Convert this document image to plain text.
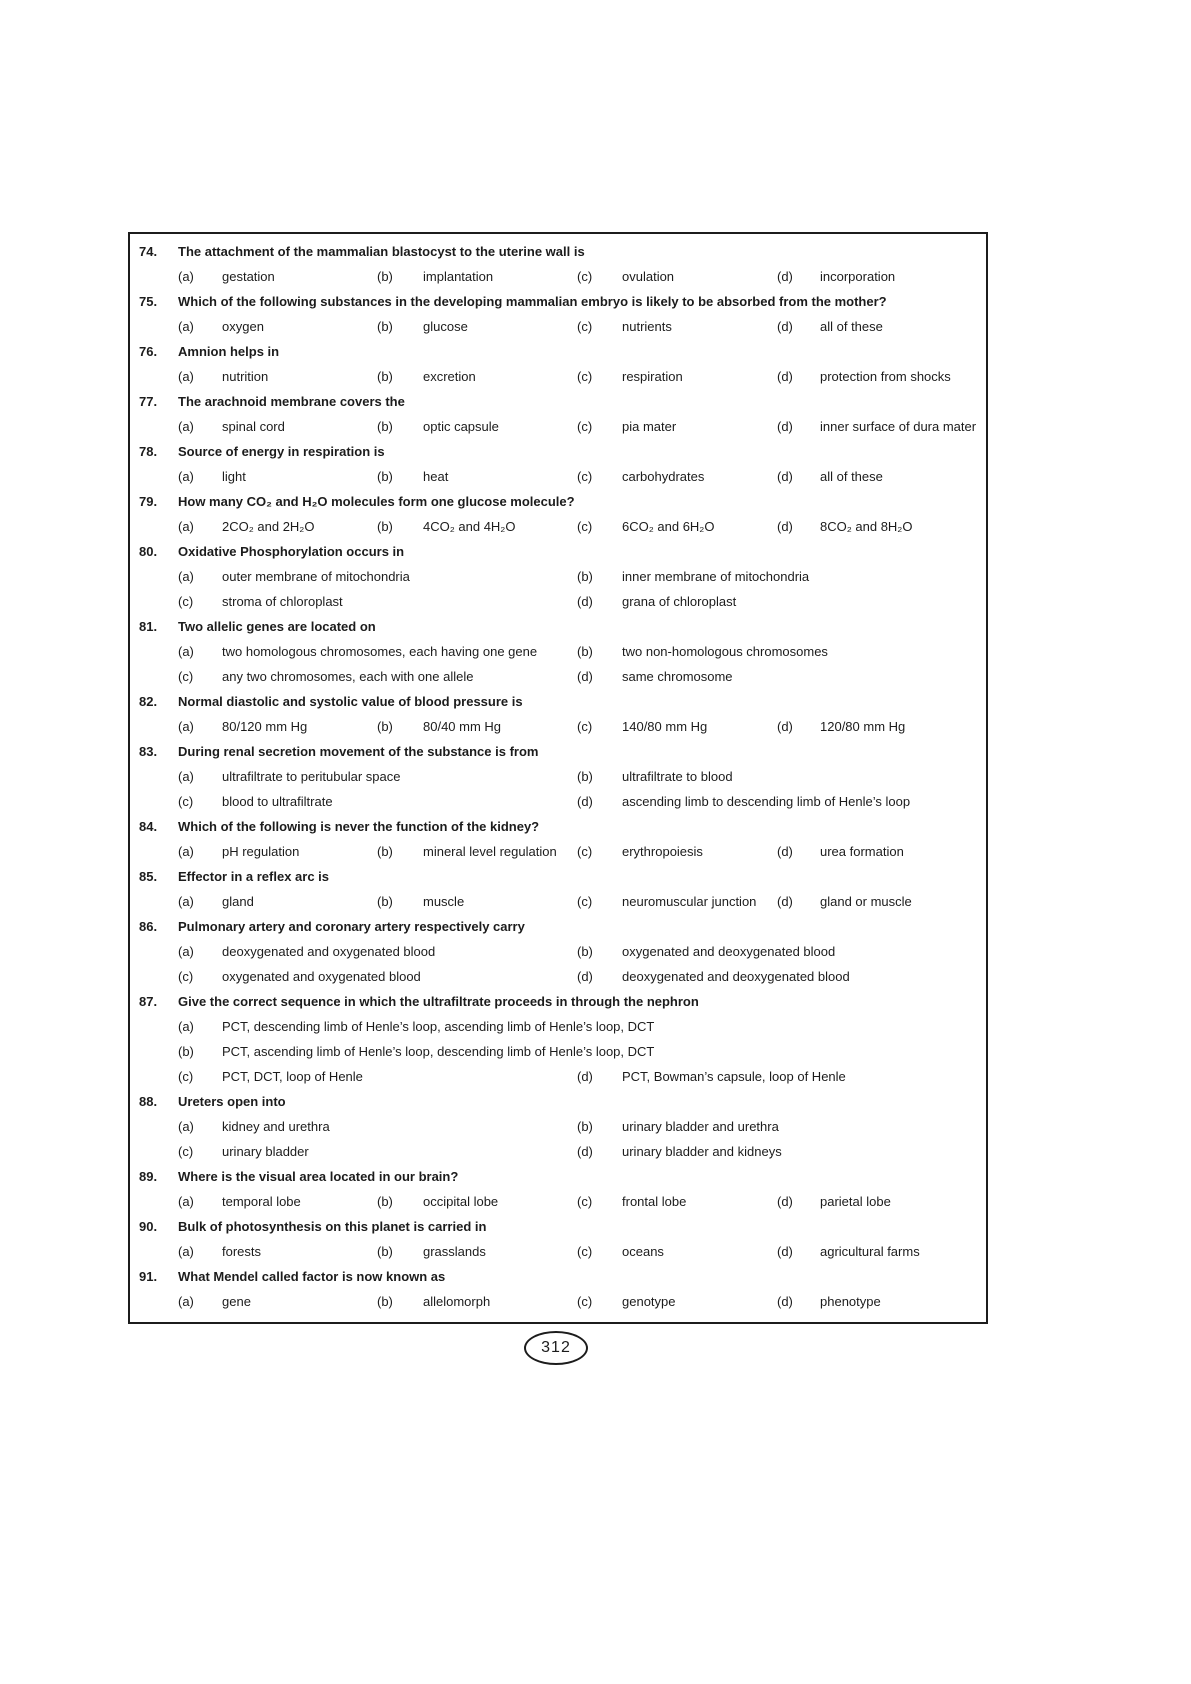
74.	The attachment of the mammalian blastocyst to the uterine wall is
(a)	gestation	(b)	implantation	(c)	ovulation	(d)	incorporation
75.	Which of the following substances in the developing mammalian embryo is likely to be absorbed from the mother?
(a)	oxygen	(b)	glucose	(c)	nutrients	(d)	all of these
76.	Amnion helps in
(a)	nutrition	(b)	excretion	(c)	respiration	(d)	protection from shocks
77.	The arachnoid membrane covers the
(a)	spinal cord	(b)	optic capsule	(c)	pia mater	(d)	inner surface of dura mater
78.	Source of energy in respiration is
(a)	light	(b)	heat	(c)	carbohydrates	(d)	all of these
79.	How many CO₂ and H₂O molecules form one glucose molecule?
(a)	2CO₂ and 2H₂O	(b)	4CO₂ and 4H₂O	(c)	6CO₂ and 6H₂O	(d)	8CO₂ and 8H₂O
80.	Oxidative Phosphorylation occurs in
(a)	outer membrane of mitochondria	(b)	inner membrane of mitochondria
(c)	stroma of chloroplast	(d)	grana of chloroplast
81.	Two allelic genes are located on
(a)	two homologous chromosomes, each having one gene	(b)	two non-homologous chromosomes
(c)	any two chromosomes, each with one allele	(d)	same chromosome
82.	Normal diastolic and systolic value of blood pressure is
(a)	80/120 mm Hg	(b)	80/40 mm Hg	(c)	140/80 mm Hg	(d)	120/80 mm Hg
83.	During renal secretion movement of the substance is from
(a)	ultrafiltrate to peritubular space	(b)	ultrafiltrate to blood
(c)	blood to ultrafiltrate	(d)	ascending limb to descending limb of Henle’s loop
84.	Which of the following is never the function of the kidney?
(a)	pH regulation	(b)	mineral level regulation	(c)	erythropoiesis	(d)	urea formation
85.	Effector in a reflex arc is
(a)	gland	(b)	muscle	(c)	neuromuscular junction	(d)	gland or muscle
86.	Pulmonary artery and coronary artery respectively carry
(a)	deoxygenated and oxygenated blood	(b)	oxygenated and deoxygenated blood
(c)	oxygenated and oxygenated blood	(d)	deoxygenated and deoxygenated blood
87.	Give the correct sequence in which the ultrafiltrate proceeds in through the nephron
(a)	PCT, descending limb of Henle’s loop, ascending limb of Henle’s loop, DCT
(b)	PCT, ascending limb of Henle’s loop, descending limb of Henle’s loop, DCT
(c)	PCT, DCT, loop of Henle	(d)	PCT, Bowman’s capsule, loop of Henle
88.	Ureters open into
(a)	kidney and urethra	(b)	urinary bladder and urethra
(c)	urinary bladder	(d)	urinary bladder and kidneys
89.	Where is the visual area located in our brain?
(a)	temporal lobe	(b)	occipital lobe	(c)	frontal lobe	(d)	parietal lobe
90.	Bulk of photosynthesis on this planet is carried in
(a)	forests	(b)	grasslands	(c)	oceans	(d)	agricultural farms
91.	What Mendel called factor is now known as
(a)	gene	(b)	allelomorph	(c)	genotype	(d)	phenotype
312
